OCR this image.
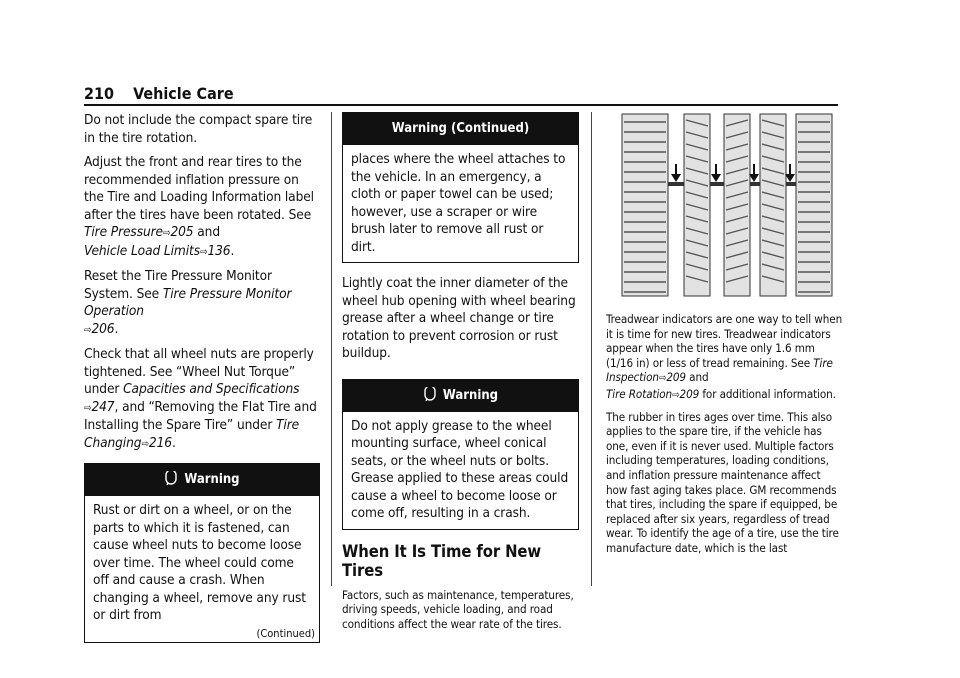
210 Vehicle Care

Do not include the compact spare tire in the tire rotation.

Adjust the front and rear tires to the recommended inflation pressure on the Tire and Loading Information label after the tires have been rotated. See Tire Pressure⇨205 and
Vehicle Load Limits⇨136.

Reset the Tire Pressure Monitor System. See Tire Pressure Monitor Operation
⇨206.

Check that all wheel nuts are properly tightened. See “Wheel Nut Torque” under Capacities and Specifications
⇨247, and “Removing the Flat Tire and Installing the Spare Tire” under Tire Changing⇨216.

Warning

Rust or dirt on a wheel, or on the parts to which it is fastened, can cause wheel nuts to become loose over time. The wheel could come off and cause a crash. When changing a wheel, remove any rust or dirt from

(Continued)
Warning (Continued)

places where the wheel attaches to the vehicle. In an emergency, a cloth or paper towel can be used; however, use a scraper or wire brush later to remove all rust or dirt.

Lightly coat the inner diameter of the wheel hub opening with wheel bearing grease after a wheel change or tire rotation to prevent corrosion or rust buildup.

Warning

Do not apply grease to the wheel mounting surface, wheel conical seats, or the wheel nuts or bolts. Grease applied to these areas could cause a wheel to become loose or come off, resulting in a crash.

When It Is Time for New Tires

Factors, such as maintenance, temperatures, driving speeds, vehicle loading, and road conditions affect the wear rate of the tires.

Treadwear indicators are one way to tell when it is time for new tires. Treadwear indicators appear when the tires have only 1.6 mm (1/16 in) or less of tread remaining. See Tire Inspection⇨209 and
Tire Rotation⇨209 for additional information.

The rubber in tires ages over time. This also applies to the spare tire, if the vehicle has one, even if it is never used. Multiple factors including temperatures, loading conditions, and inflation pressure maintenance affect how fast aging takes place. GM recommends that tires, including the spare if equipped, be replaced after six years, regardless of tread wear. To identify the age of a tire, use the tire manufacture date, which is the last
